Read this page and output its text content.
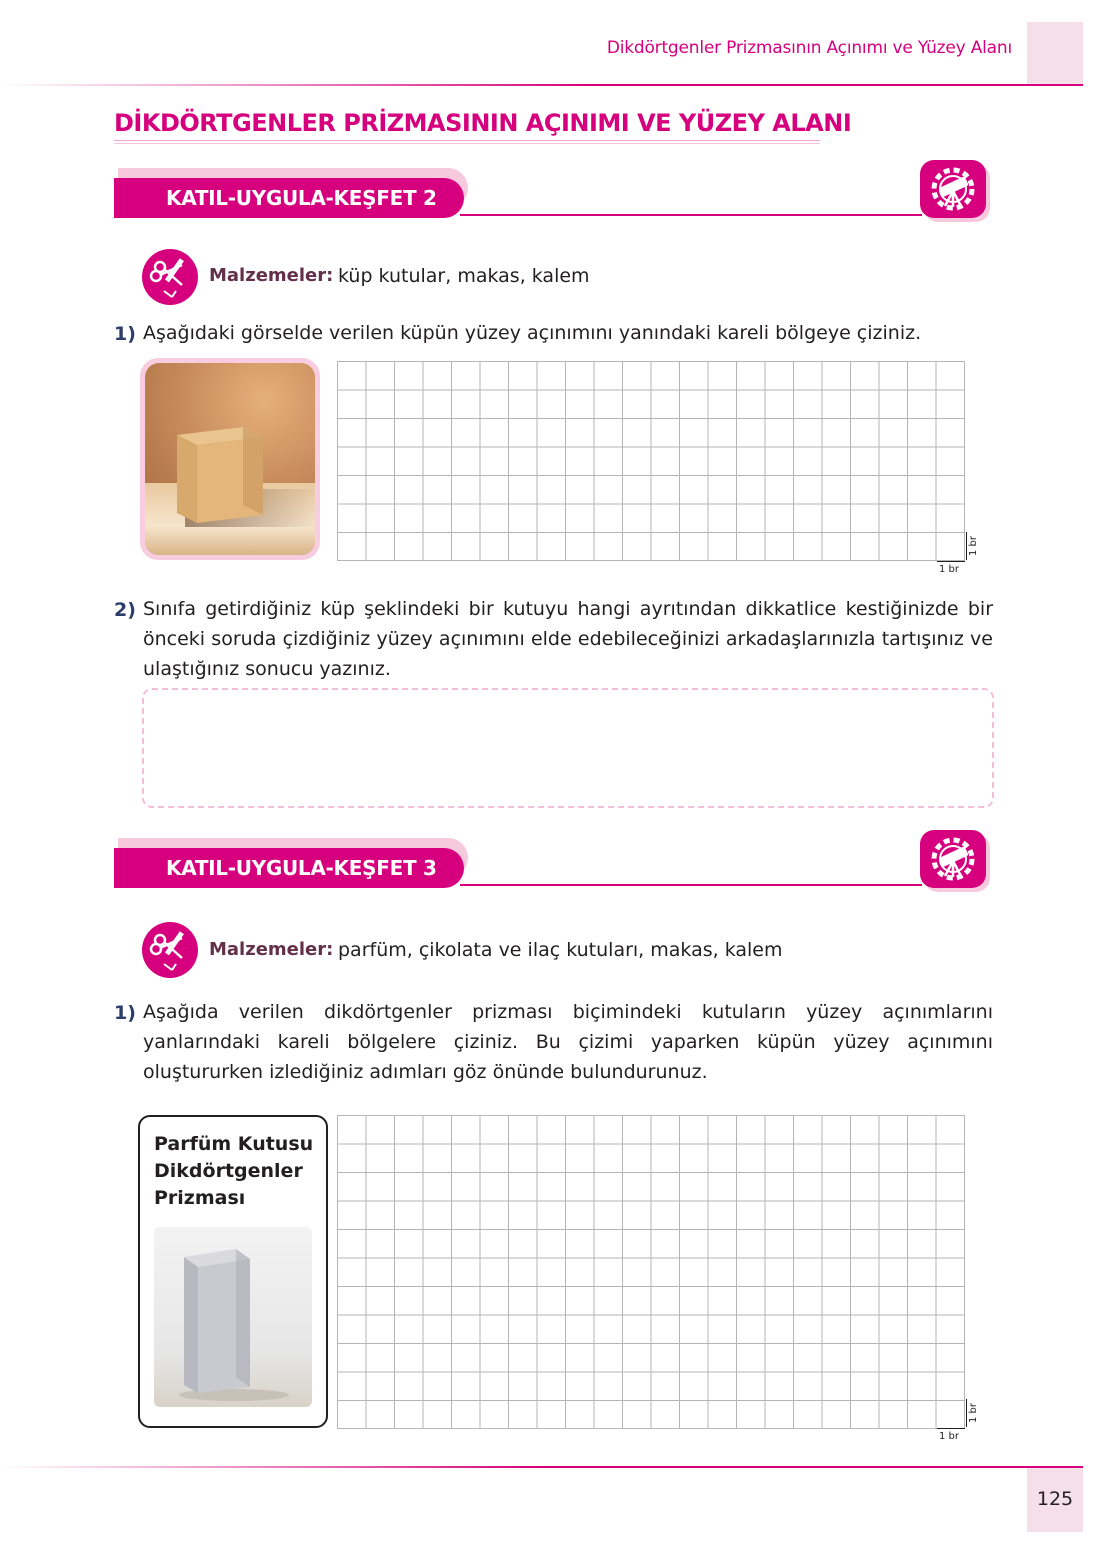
Dikdörtgenler Prizmasının Açınımı ve Yüzey Alanı
DİKDÖRTGENLER PRİZMASININ AÇINIMI VE YÜZEY ALANI
KATIL-UYGULA-KEŞFET 2
Malzemeler: küp kutular, makas, kalem
1) Aşağıdaki görselde verilen küpün yüzey açınımını yanındaki kareli bölgeye çiziniz.
1 br
1 br
2) Sınıfa getirdiğiniz küp şeklindeki bir kutuyu hangi ayrıtından dikkatlice kestiğinizde bir önceki soruda çizdiğiniz yüzey açınımını elde edebileceğinizi arkadaşlarınızla tartışınız ve ulaştığınız sonucu yazınız.
KATIL-UYGULA-KEŞFET 3
Malzemeler: parfüm, çikolata ve ilaç kutuları, makas, kalem
1) Aşağıda verilen dikdörtgenler prizması biçimindeki kutuların yüzey açınımlarını yanlarındaki kareli bölgelere çiziniz. Bu çizimi yaparken küpün yüzey açınımını oluştururken izlediğiniz adımları göz önünde bulundurunuz.
Parfüm Kutusu
Dikdörtgenler
Prizması
1 br
1 br
125
